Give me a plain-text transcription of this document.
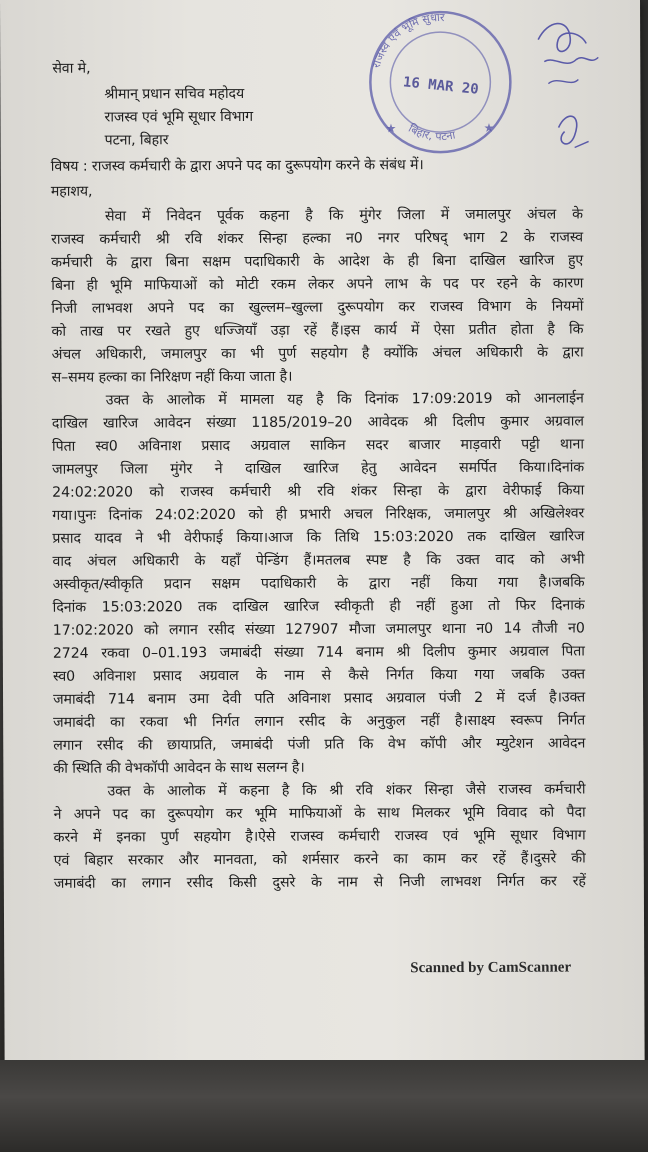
सेवा मे,
श्रीमान् प्रधान सचिव महोदय
राजस्व एवं भूमि सूधार विभाग
पटना, बिहार
विषय : राजस्व कर्मचारी के द्वारा अपने पद का दुरूपयोग करने के संबंध में।
महाशय,
सेवा में निवेदन पूर्वक कहना है कि मुंगेर जिला में जमालपुर अंचल के
राजस्व कर्मचारी श्री रवि शंकर सिन्हा हल्का न0 नगर परिषद् भाग 2 के राजस्व
कर्मचारी के द्वारा बिना सक्षम पदाधिकारी के आदेश के ही बिना दाखिल खारिज हुए
बिना ही भूमि माफियाओं को मोटी रकम लेकर अपने लाभ के पद पर रहने के कारण
निजी लाभवश अपने पद का खुल्लम–खुल्ला दुरूपयोग कर राजस्व विभाग के नियमों
को ताख पर रखते हुए धज्जियाँ उड़ा रहें हैं।इस कार्य में ऐसा प्रतीत होता है कि
अंचल अधिकारी, जमालपुर का भी पुर्ण सहयोग है क्योंकि अंचल अधिकारी के द्वारा
स–समय हल्का का निरिक्षण नहीं किया जाता है।
उक्त के आलोक में मामला यह है कि दिनांक 17:09:2019 को आनलाईन
दाखिल खारिज आवेदन संख्या 1185/2019–20 आवेदक श्री दिलीप कुमार अग्रवाल
पिता स्व0 अविनाश प्रसाद अग्रवाल साकिन सदर बाजार माड़वारी पट्टी थाना
जामलपुर जिला मुंगेर ने दाखिल खारिज हेतु आवेदन समर्पित किया।दिनांक
24:02:2020 को राजस्व कर्मचारी श्री रवि शंकर सिन्हा के द्वारा वेरीफाई किया
गया।पुनः दिनांक 24:02:2020 को ही प्रभारी अचल निरिक्षक, जमालपुर श्री अखिलेश्वर
प्रसाद यादव ने भी वेरीफाई किया।आज कि तिथि 15:03:2020 तक दाखिल खारिज
वाद अंचल अधिकारी के यहाँ पेन्डिंग हैं।मतलब स्पष्ट है कि उक्त वाद को अभी
अस्वीकृत/स्वीकृति प्रदान सक्षम पदाधिकारी के द्वारा नहीं किया गया है।जबकि
दिनांक 15:03:2020 तक दाखिल खारिज स्वीकृती ही नहीं हुआ तो फिर दिनाकं
17:02:2020 को लगान रसीद संख्या 127907 मौजा जमालपुर थाना न0 14 तौजी न0
2724 रकवा 0–01.193 जमाबंदी संख्या 714 बनाम श्री दिलीप कुमार अग्रवाल पिता
स्व0 अविनाश प्रसाद अग्रवाल के नाम से कैसे निर्गत किया गया जबकि उक्त
जमाबंदी 714 बनाम उमा देवी पति अविनाश प्रसाद अग्रवाल पंजी 2 में दर्ज है।उक्त
जमाबंदी का रकवा भी निर्गत लगान रसीद के अनुकुल नहीं है।साक्ष्य स्वरूप निर्गत
लगान रसीद की छायाप्रति, जमाबंदी पंजी प्रति कि वेभ कॉपी और म्युटेशन आवेदन
की स्थिति की वेभकॉपी आवेदन के साथ सलग्न है।
उक्त के आलोक में कहना है कि श्री रवि शंकर सिन्हा जैसे राजस्व कर्मचारी
ने अपने पद का दुरूपयोग कर भूमि माफियाओं के साथ मिलकर भूमि विवाद को पैदा
करने में इनका पुर्ण सहयोग है।ऐसे राजस्व कर्मचारी राजस्व एवं भूमि सूधार विभाग
एवं बिहार सरकार और मानवता, को शर्मसार करने का काम कर रहें हैं।दुसरे की
जमाबंदी का लगान रसीद किसी दुसरे के नाम से निजी लाभवश निर्गत कर रहें
राजस्व एवं भूमि सुधार
बिहार, पटना
16 MAR 20
★	★
Scanned by CamScanner
